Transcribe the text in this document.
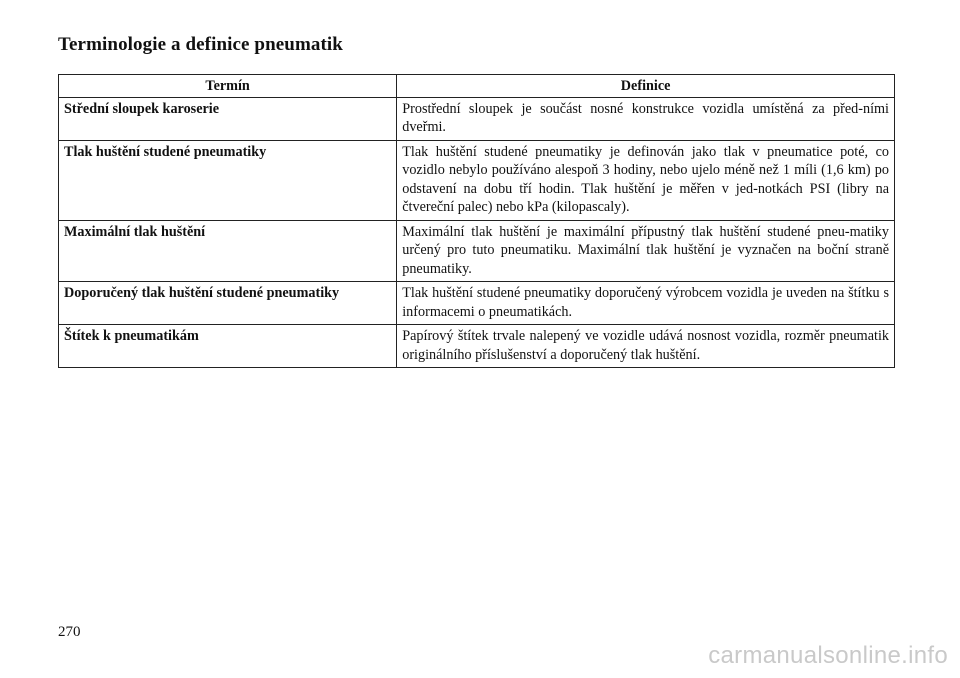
Terminologie a definice pneumatik
Termín	Definice
Střední sloupek karoserie	Prostřední sloupek je součást nosné konstrukce vozidla umístěná za před-ními dveřmi.
Tlak huštění studené pneumatiky	Tlak huštění studené pneumatiky je definován jako tlak v pneumatice poté, co vozidlo nebylo používáno alespoň 3 hodiny, nebo ujelo méně než 1 míli (1,6 km) po odstavení na dobu tří hodin. Tlak huštění je měřen v jed-notkách PSI (libry na čtvereční palec) nebo kPa (kilopascaly).
Maximální tlak huštění	Maximální tlak huštění je maximální přípustný tlak huštění studené pneu-matiky určený pro tuto pneumatiku. Maximální tlak huštění je vyznačen na boční straně pneumatiky.
Doporučený tlak huštění studené pneumatiky	Tlak huštění studené pneumatiky doporučený výrobcem vozidla je uveden na štítku s informacemi o pneumatikách.
Štítek k pneumatikám	Papírový štítek trvale nalepený ve vozidle udává nosnost vozidla, rozměr pneumatik originálního příslušenství a doporučený tlak huštění.
270
carmanualsonline.info
